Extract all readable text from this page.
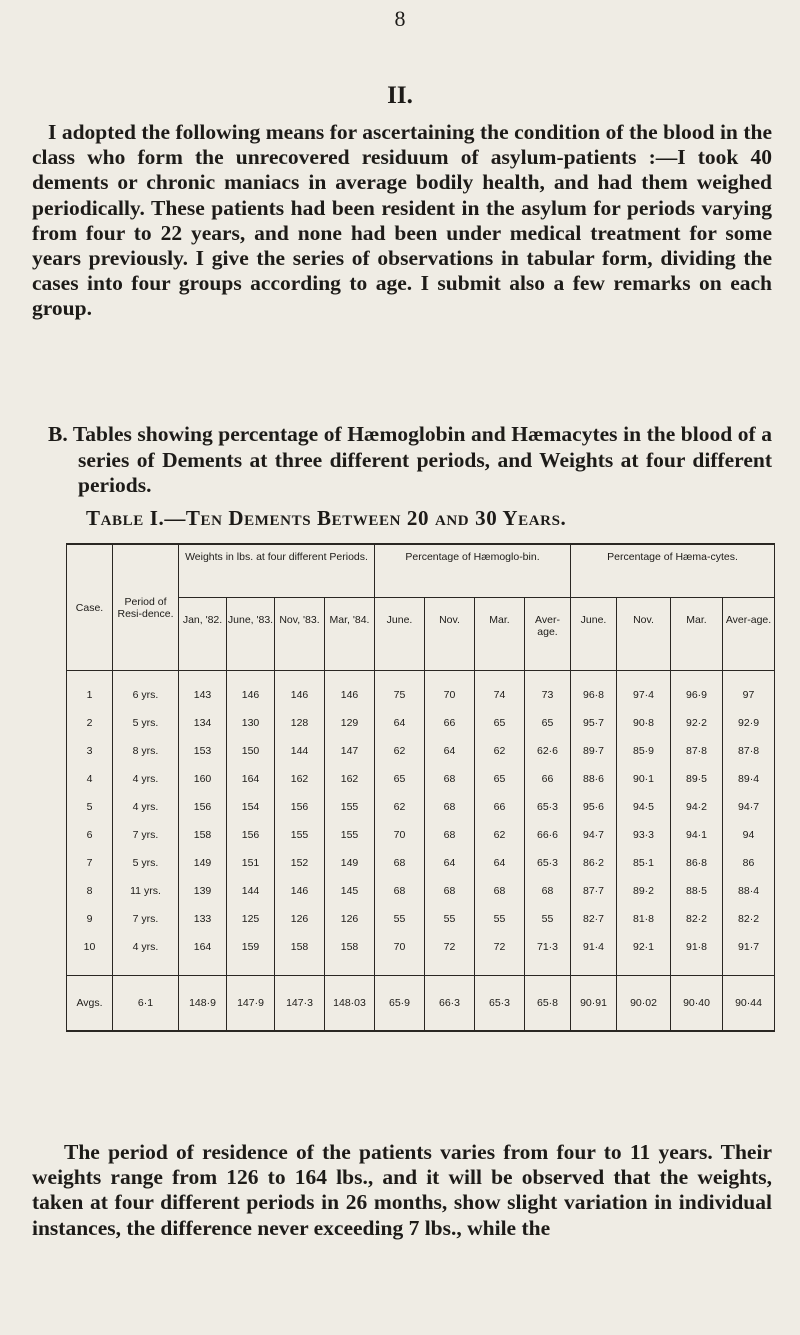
8
II.

I adopted the following means for ascertaining the condition of the blood in the class who form the unrecovered residuum of asylum-patients :—I took 40 dements or chronic maniacs in average bodily health, and had them weighed periodically. These patients had been resident in the asylum for periods varying from four to 22 years, and none had been under medical treatment for some years previously. I give the series of observations in tabular form, dividing the cases into four groups according to age. I submit also a few remarks on each group.

B. Tables showing percentage of Hæmoglobin and Hæmacytes in the blood of a series of Dements at three different periods, and Weights at four different periods.

Table I.—Ten Dements Between 20 and 30 Years.
Case.	Period of Resi-dence.	Weights in lbs. at four different Periods.				Percentage of Hæmoglo-bin.				Percentage of Hæma-cytes.			
		Jan, '82.	June, '83.	Nov, '83.	Mar, '84.	June.	Nov.	Mar.	Aver-age.	June.	Nov.	Mar.	Aver-age.
1	6 yrs.	143	146	146	146	75	70	74	73	96·8	97·4	96·9	97
2	5 yrs.	134	130	128	129	64	66	65	65	95·7	90·8	92·2	92·9
3	8 yrs.	153	150	144	147	62	64	62	62·6	89·7	85·9	87·8	87·8
4	4 yrs.	160	164	162	162	65	68	65	66	88·6	90·1	89·5	89·4
5	4 yrs.	156	154	156	155	62	68	66	65·3	95·6	94·5	94·2	94·7
6	7 yrs.	158	156	155	155	70	68	62	66·6	94·7	93·3	94·1	94
7	5 yrs.	149	151	152	149	68	64	64	65·3	86·2	85·1	86·8	86
8	11 yrs.	139	144	146	145	68	68	68	68	87·7	89·2	88·5	88·4
9	7 yrs.	133	125	126	126	55	55	55	55	82·7	81·8	82·2	82·2
10	4 yrs.	164	159	158	158	70	72	72	71·3	91·4	92·1	91·8	91·7

Avgs.	6·1	148·9	147·9	147·3	148·03	65·9	66·3	65·3	65·8	90·91	90·02	90·40	90·44

The period of residence of the patients varies from four to 11 years. Their weights range from 126 to 164 lbs., and it will be observed that the weights, taken at four different periods in 26 months, show slight variation in individual instances, the difference never exceeding 7 lbs., while the
